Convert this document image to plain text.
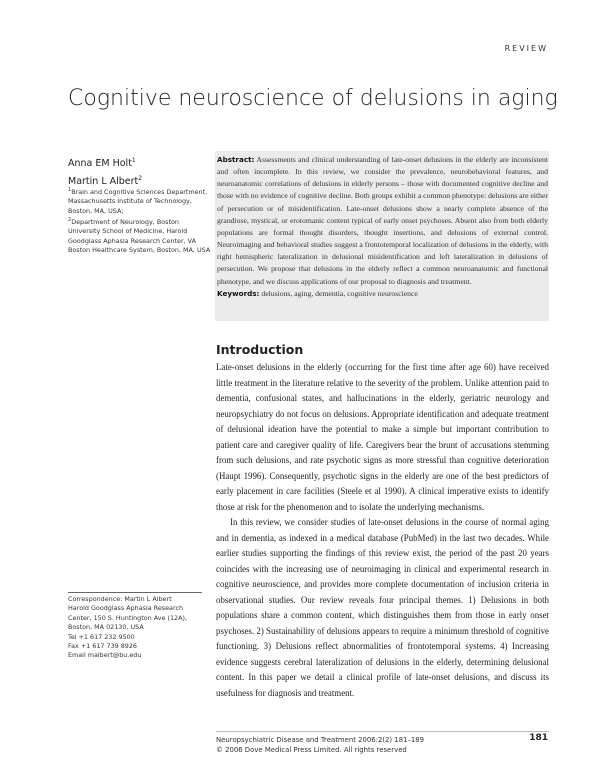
REVIEW
Cognitive neuroscience of delusions in aging
Anna EM Holt$^1$
Martin L Albert$^2$

$^1$Brain and Cognitive Sciences Department, Massachusetts Institute of Technology, Boston, MA, USA;

$^2$Department of Neurology, Boston University School of Medicine, Harold Goodglass Aphasia Research Center, VA Boston Healthcare System, Boston, MA, USA

Abstract: Assessments and clinical understanding of late-onset delusions in the elderly are inconsistent and often incomplete. In this review, we consider the prevalence, neurobehavioral features, and neuroanatomic correlations of delusions in elderly persons – those with documented cognitive decline and those with no evidence of cognitive decline. Both groups exhibit a common phenotype: delusions are either of persecution or of misidentification. Late-onset delusions show a nearly complete absence of the grandiose, mystical, or erotomanic content typical of early onset psychoses. Absent also from both elderly populations are formal thought disorders, thought insertions, and delusions of external control. Neuroimaging and behavioral studies suggest a frontotemporal localization of delusions in the elderly, with right hemispheric lateralization in delusional misidentification and left lateralization in delusions of persecution. We propose that delusions in the elderly reflect a common neuroanatomic and functional phenotype, and we discuss applications of our proposal to diagnosis and treatment.
Keywords: delusions, aging, dementia, cognitive neuroscience
Introduction

Late-onset delusions in the elderly (occurring for the first time after age 60) have received little treatment in the literature relative to the severity of the problem. Unlike attention paid to dementia, confusional states, and hallucinations in the elderly, geriatric neurology and neuropsychiatry do not focus on delusions. Appropriate identification and adequate treatment of delusional ideation have the potential to make a simple but important contribution to patient care and caregiver quality of life. Caregivers bear the brunt of accusations stemming from such delusions, and rate psychotic signs as more stressful than cognitive deterioration (Haupt 1996). Consequently, psychotic signs in the elderly are one of the best predictors of early placement in care facilities (Steele et al 1990). A clinical imperative exists to identify those at risk for the phenomenon and to isolate the underlying mechanisms.

In this review, we consider studies of late-onset delusions in the course of normal aging and in dementia, as indexed in a medical database (PubMed) in the last two decades. While earlier studies supporting the findings of this review exist, the period of the past 20 years coincides with the increasing use of neuroimaging in clinical and experimental research in cognitive neuroscience, and provides more complete documentation of inclusion criteria in observational studies. Our review reveals four principal themes. 1) Delusions in both populations share a common content, which distinguishes them from those in early onset psychoses. 2) Sustainability of delusions appears to require a minimum threshold of cognitive functioning. 3) Delusions reflect abnormalities of frontotemporal systems. 4) Increasing evidence suggests cerebral lateralization of delusions in the elderly, determining delusional content. In this paper we detail a clinical profile of late-onset delusions, and discuss its usefulness for diagnosis and treatment.

Correspondence: Martin L Albert

Harold Goodglass Aphasia Research

Center, 150 S. Huntington Ave (12A),

Boston, MA 02130, USA

Tel +1 617 232 9500

Fax +1 617 739 8926

Email malbert@bu.edu

Neuropsychiatric Disease and Treatment 2006:2(2) 181–189

© 2006 Dove Medical Press Limited. All rights reserved

181
